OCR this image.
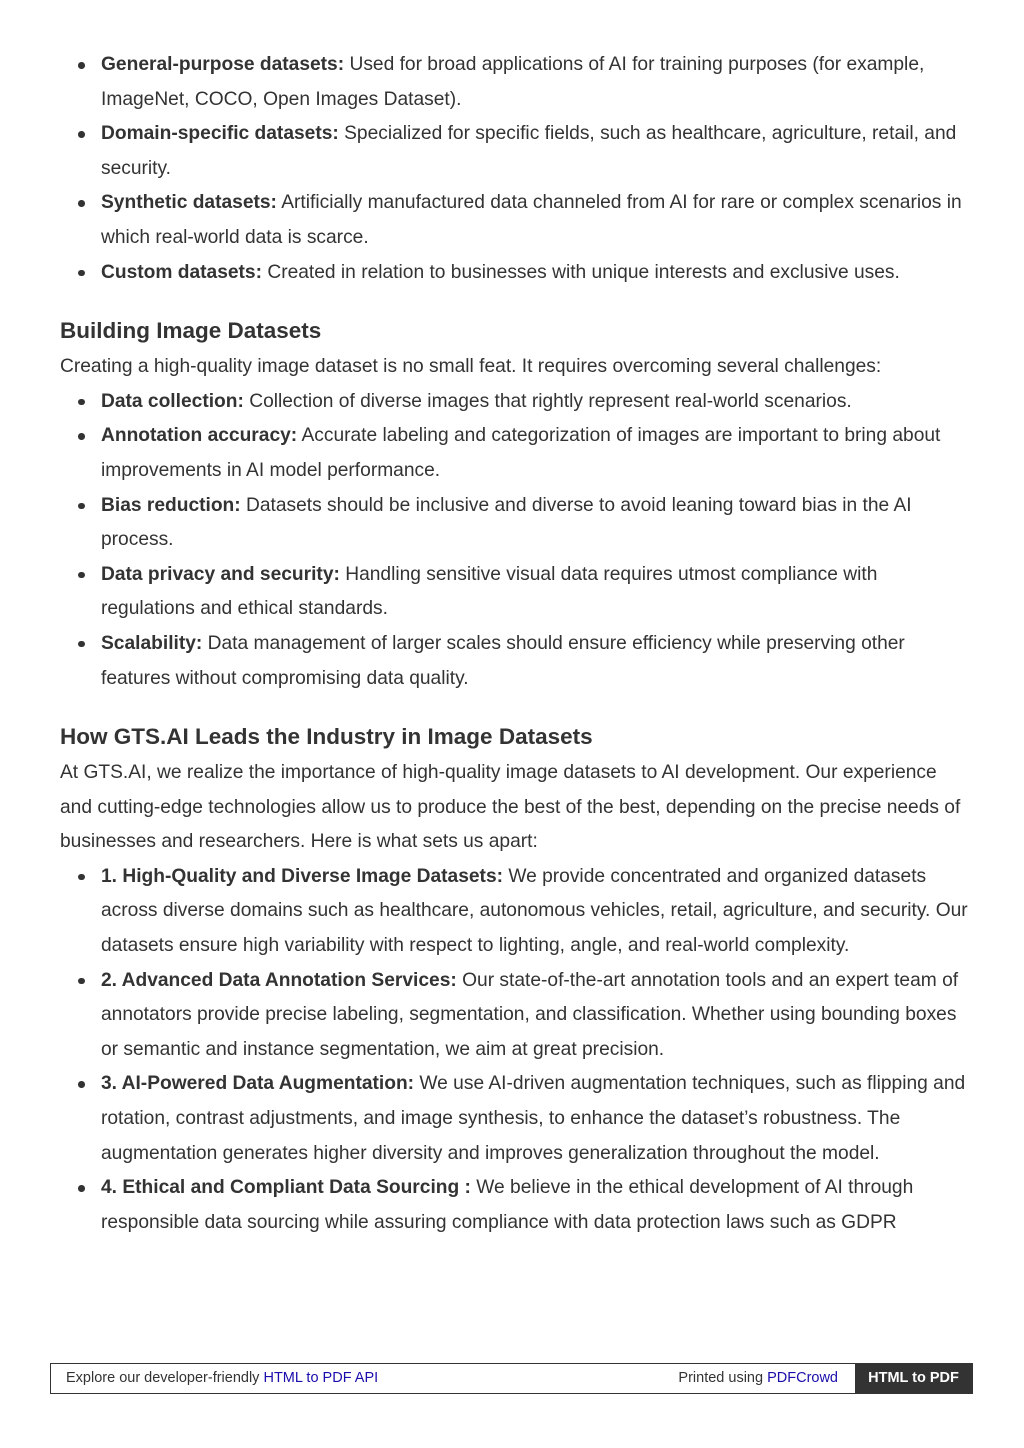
General-purpose datasets: Used for broad applications of AI for training purposes (for example, ImageNet, COCO, Open Images Dataset).
Domain-specific datasets: Specialized for specific fields, such as healthcare, agriculture, retail, and security.
Synthetic datasets: Artificially manufactured data channeled from AI for rare or complex scenarios in which real-world data is scarce.
Custom datasets: Created in relation to businesses with unique interests and exclusive uses.
Building Image Datasets

Creating a high-quality image dataset is no small feat. It requires overcoming several challenges:

Data collection: Collection of diverse images that rightly represent real-world scenarios.
Annotation accuracy: Accurate labeling and categorization of images are important to bring about improvements in AI model performance.
Bias reduction: Datasets should be inclusive and diverse to avoid leaning toward bias in the AI process.
Data privacy and security: Handling sensitive visual data requires utmost compliance with regulations and ethical standards.
Scalability: Data management of larger scales should ensure efficiency while preserving other features without compromising data quality.
How GTS.AI Leads the Industry in Image Datasets

At GTS.AI, we realize the importance of high-quality image datasets to AI development. Our experience and cutting-edge technologies allow us to produce the best of the best, depending on the precise needs of businesses and researchers. Here is what sets us apart:

1. High-Quality and Diverse Image Datasets: We provide concentrated and organized datasets across diverse domains such as healthcare, autonomous vehicles, retail, agriculture, and security. Our datasets ensure high variability with respect to lighting, angle, and real-world complexity.
2. Advanced Data Annotation Services: Our state-of-the-art annotation tools and an expert team of annotators provide precise labeling, segmentation, and classification. Whether using bounding boxes or semantic and instance segmentation, we aim at great precision.
3. AI-Powered Data Augmentation: We use AI-driven augmentation techniques, such as flipping and rotation, contrast adjustments, and image synthesis, to enhance the dataset’s robustness. The augmentation generates higher diversity and improves generalization throughout the model.
4. Ethical and Compliant Data Sourcing : We believe in the ethical development of AI through responsible data sourcing while assuring compliance with data protection laws such as GDPR
Explore our developer-friendly HTML to PDF API	Printed using PDFCrowd	HTML to PDF
